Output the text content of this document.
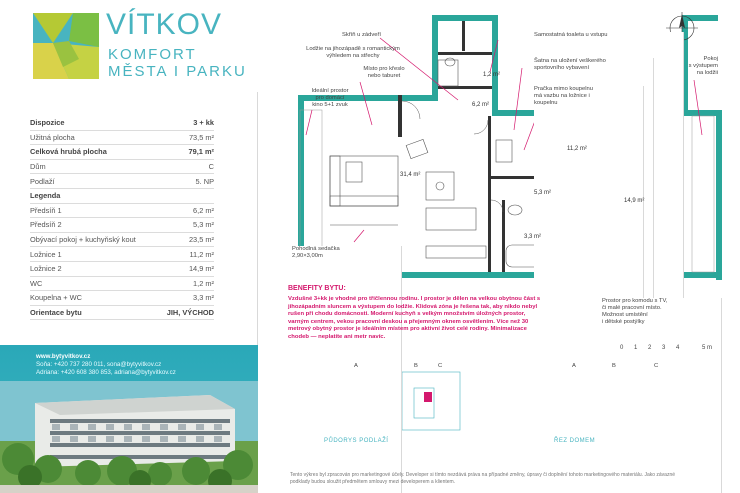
VÍTKOV
KOMFORT
MĚSTA I PARKU
Dispozice	3 + kk
Užitná plocha	73,5 m²
Celková hrubá plocha	79,1 m²
Dům	C
Podlaží	5. NP
Legenda
Předsíň 1	6,2 m²
Předsíň 2	5,3 m²
Obývací pokoj + kuchyňský kout	23,5 m²
Ložnice 1	11,2 m²
Ložnice 2	14,9 m²
WC	1,2 m²
Koupelna + WC	3,3 m²
Orientace bytu	JIH, VÝCHOD
www.bytyvitkov.cz
Soňa: +420 737 280 011, sona@bytyvitkov.cz
Adriana: +420 608 380 853, adriana@bytyvitkov.cz
Skříň u zádveří
Lodžie na jihozápadě s romantickým
výhledem na střechy
Místo pro křeslo
nebo taburet
Ideální prostor
pro domácí
kino 5+1 zvuk
Samostatná toaleta u vstupu
Šatna na uložení veškerého
sportovního vybavení
Pračka mimo koupelnu
má vazbu na ložnice i
koupelnu
Pokoj
s výstupem
na lodžii
Pohodlná sedačka
2,90×3,00m
Prostor pro komodu s TV,
či malé pracovní místo.
Možnost umístění
i dětské postýlky
6,2 m²
1,2 m²
31,4 m²
11,2 m²
5,3 m²
14,9 m²
3,3 m²
BENEFITY BYTU:
Vzdušné 3+kk je vhodné pro třičlennou rodinu. I prostor je dělen na velkou obytnou část s jihozápadním sluncem a výstupem do lodžie. Klidová zóna je řešena tak, aby nikdo nebyl rušen při chodu domácnosti. Moderní kuchyň s velkým množstvím úložných prostor, varným centrem, vekou pracovní deskou a přejemným oknem osvětlením. Více než 30 metrový obytný prostor je ideálním místem pro aktivní život celé rodiny. Minimalizace chodeb — neplatíte ani metr navíc.
0 1 2 3 4	5 m
PŮDORYS PODLAŽÍ	ŘEZ DOMEM
A	B	C	A	B	C
Tento výkres byl zpracován pro marketingové účely. Developer si tímto nezdává práva na případné změny, úpravy či doplnění tohoto marketingového materiálu. Jako závazné podklady budou sloužit předmětem smlouvy mezi developerem a klientem.
